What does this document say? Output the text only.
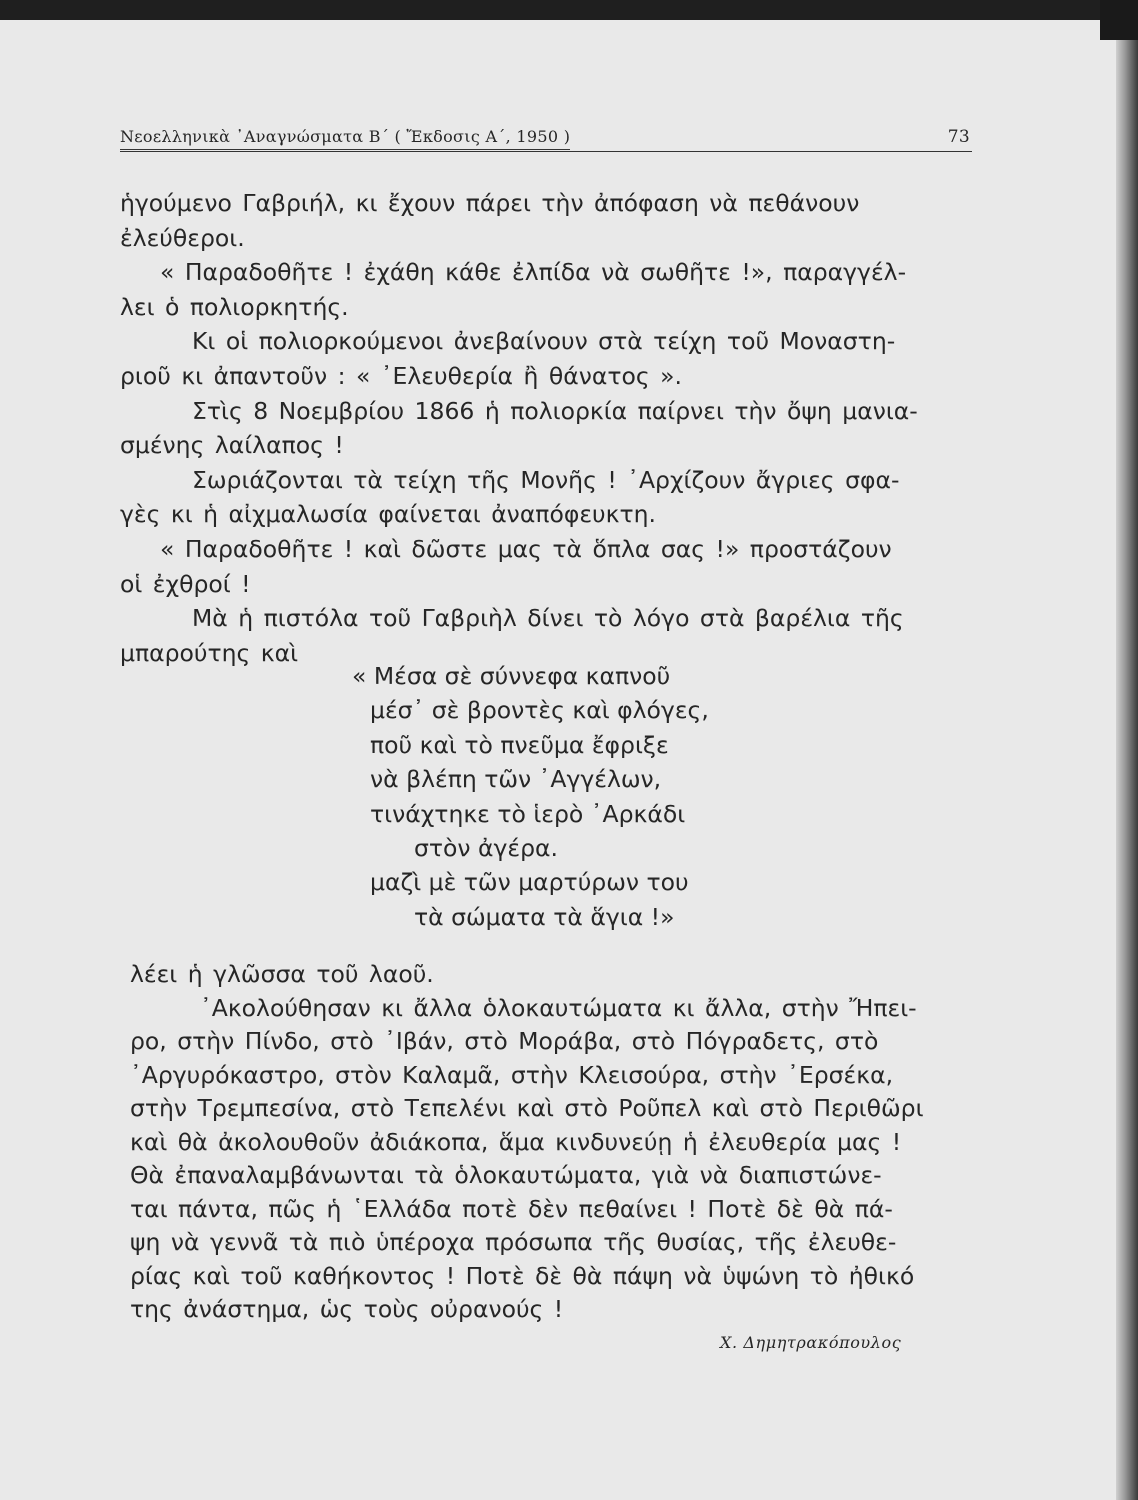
Νεοελληνικὰ ᾿Αναγνώσματα Β΄ ( Ἔκδοσις Α΄, 1950 )	73
ἡγούμενο Γαβριήλ, κι ἔχουν πάρει τὴν ἀπόφαση νὰ πεθάνουν
ἐλεύθεροι.
« Παραδοθῆτε ! ἐχάθη κάθε ἐλπίδα νὰ σωθῆτε !», παραγγέλ-
λει ὁ πολιορκητής.
Κι οἱ πολιορκούμενοι ἀνεβαίνουν στὰ τείχη τοῦ Μοναστη-
ριοῦ κι ἀπαντοῦν : « ᾿Ελευθερία ἢ θάνατος ».
Στὶς 8 Νοεμβρίου 1866 ἡ πολιορκία παίρνει τὴν ὄψη μανια-
σμένης λαίλαπος !
Σωριάζονται τὰ τείχη τῆς Μονῆς ! ᾿Αρχίζουν ἄγριες σφα-
γὲς κι ἡ αἰχμαλωσία φαίνεται ἀναπόφευκτη.
« Παραδοθῆτε ! καὶ δῶστε μας τὰ ὅπλα σας !» προστάζουν
οἱ ἐχθροί !
Μὰ ἡ πιστόλα τοῦ Γαβριὴλ δίνει τὸ λόγο στὰ βαρέλια τῆς
μπαρούτης καὶ
« Μέσα σὲ σύννεφα καπνοῦ
μέσ᾿ σὲ βροντὲς καὶ φλόγες,
ποῦ καὶ τὸ πνεῦμα ἔφριξε
νὰ βλέπη τῶν ᾿Αγγέλων,
τινάχτηκε τὸ ἱερὸ ᾿Αρκάδι
στὸν ἀγέρα.
μαζὶ μὲ τῶν μαρτύρων του
τὰ σώματα τὰ ἅγια !»
λέει ἡ γλῶσσα τοῦ λαοῦ.
᾿Ακολούθησαν κι ἄλλα ὁλοκαυτώματα κι ἄλλα, στὴν Ἤπει-
ρο, στὴν Πίνδο, στὸ ᾿Ιβάν, στὸ Μοράβα, στὸ Πόγραδετς, στὸ
᾿Αργυρόκαστρο, στὸν Καλαμᾶ, στὴν Κλεισούρα, στὴν ᾿Ερσέκα,
στὴν Τρεμπεσίνα, στὸ Τεπελένι καὶ στὸ Ροῦπελ καὶ στὸ Περιθῶρι
καὶ θὰ ἀκολουθοῦν ἀδιάκοπα, ἅμα κινδυνεύῃ ἡ ἐλευθερία μας !
Θὰ ἐπαναλαμβάνωνται τὰ ὁλοκαυτώματα, γιὰ νὰ διαπιστώνε-
ται πάντα, πῶς ἡ ῾Ελλάδα ποτὲ δὲν πεθαίνει ! Ποτὲ δὲ θὰ πά-
ψη νὰ γεννᾶ τὰ πιὸ ὑπέροχα πρόσωπα τῆς θυσίας, τῆς ἐλευθε-
ρίας καὶ τοῦ καθήκοντος ! Ποτὲ δὲ θὰ πάψη νὰ ὑψώνη τὸ ἠθικό
της ἀνάστημα, ὡς τοὺς οὐρανούς !
Χ. Δημητρακόπουλος
